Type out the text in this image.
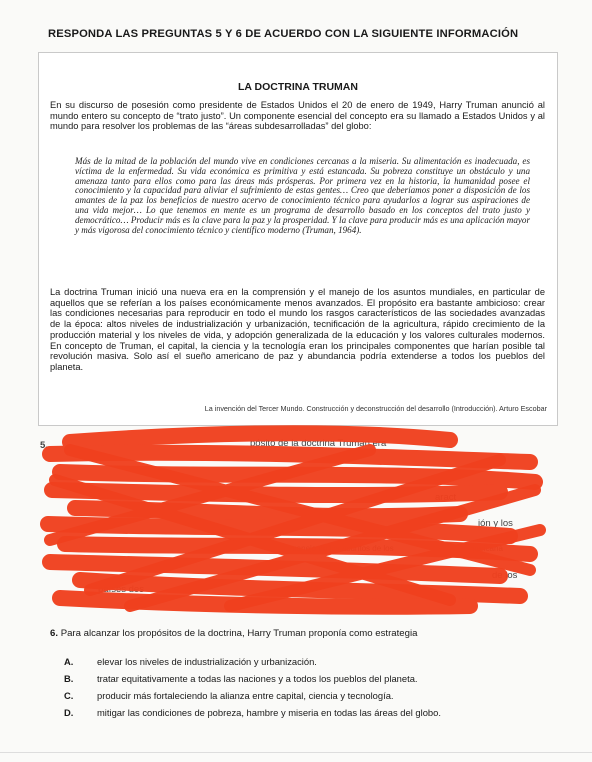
RESPONDA LAS PREGUNTAS 5 Y 6 DE ACUERDO CON LA SIGUIENTE INFORMACIÓN
LA DOCTRINA TRUMAN
En su discurso de posesión como presidente de Estados Unidos el 20 de enero de 1949, Harry Truman anunció al mundo entero su concepto de “trato justo”. Un componente esencial del concepto era su llamado a Estados Unidos y al mundo para resolver los problemas de las “áreas subdesarrolladas” del globo:
Más de la mitad de la población del mundo vive en condiciones cercanas a la miseria. Su alimentación es inadecuada, es víctima de la enfermedad. Su vida económica es primitiva y está estancada. Su pobreza constituye un obstáculo y una amenaza tanto para ellos como para las áreas más prósperas. Por primera vez en la historia, la humanidad posee el conocimiento y la capacidad para aliviar el sufrimiento de estas gentes… Creo que deberíamos poner a disposición de los amantes de la paz los beneficios de nuestro acervo de conocimiento técnico para ayudarlos a lograr sus aspiraciones de una vida mejor… Lo que tenemos en mente es un programa de desarrollo basado en los conceptos del trato justo y democrático… Producir más es la clave para la paz y la prosperidad. Y la clave para producir más es una aplicación mayor y más vigorosa del conocimiento técnico y científico moderno (Truman, 1964).
La doctrina Truman inició una nueva era en la comprensión y el manejo de los asuntos mundiales, en particular de aquellos que se referían a los países económicamente menos avanzados. El propósito era bastante ambicioso: crear las condiciones necesarias para reproducir en todo el mundo los rasgos característicos de las sociedades avanzadas de la época: altos niveles de industrialización y urbanización, tecnificación de la agricultura, rápido crecimiento de la producción material y los niveles de vida, y adopción generalizada de la educación y los valores culturales modernos. En concepto de Truman, el capital, la ciencia y la tecnología eran los principales componentes que harían posible tal revolución masiva. Solo así el sueño americano de paz y abundancia podría extenderse a todos los pueblos del planeta.
La invención del Tercer Mundo. Construcción y deconstrucción del desarrollo (Introducción). Arturo Escobar
5.	pósito de la doctrina Truman era
aract
ión y los
manejo de los asuntos de los	mericana
de los
países des
6. Para alcanzar los propósitos de la doctrina, Harry Truman proponía como estrategia
A.	elevar los niveles de industrialización y urbanización.
B.	tratar equitativamente a todas las naciones y a todos los pueblos del planeta.
C.	producir más fortaleciendo la alianza entre capital, ciencia y tecnología.
D.	mitigar las condiciones de pobreza, hambre y miseria en todas las áreas del globo.
